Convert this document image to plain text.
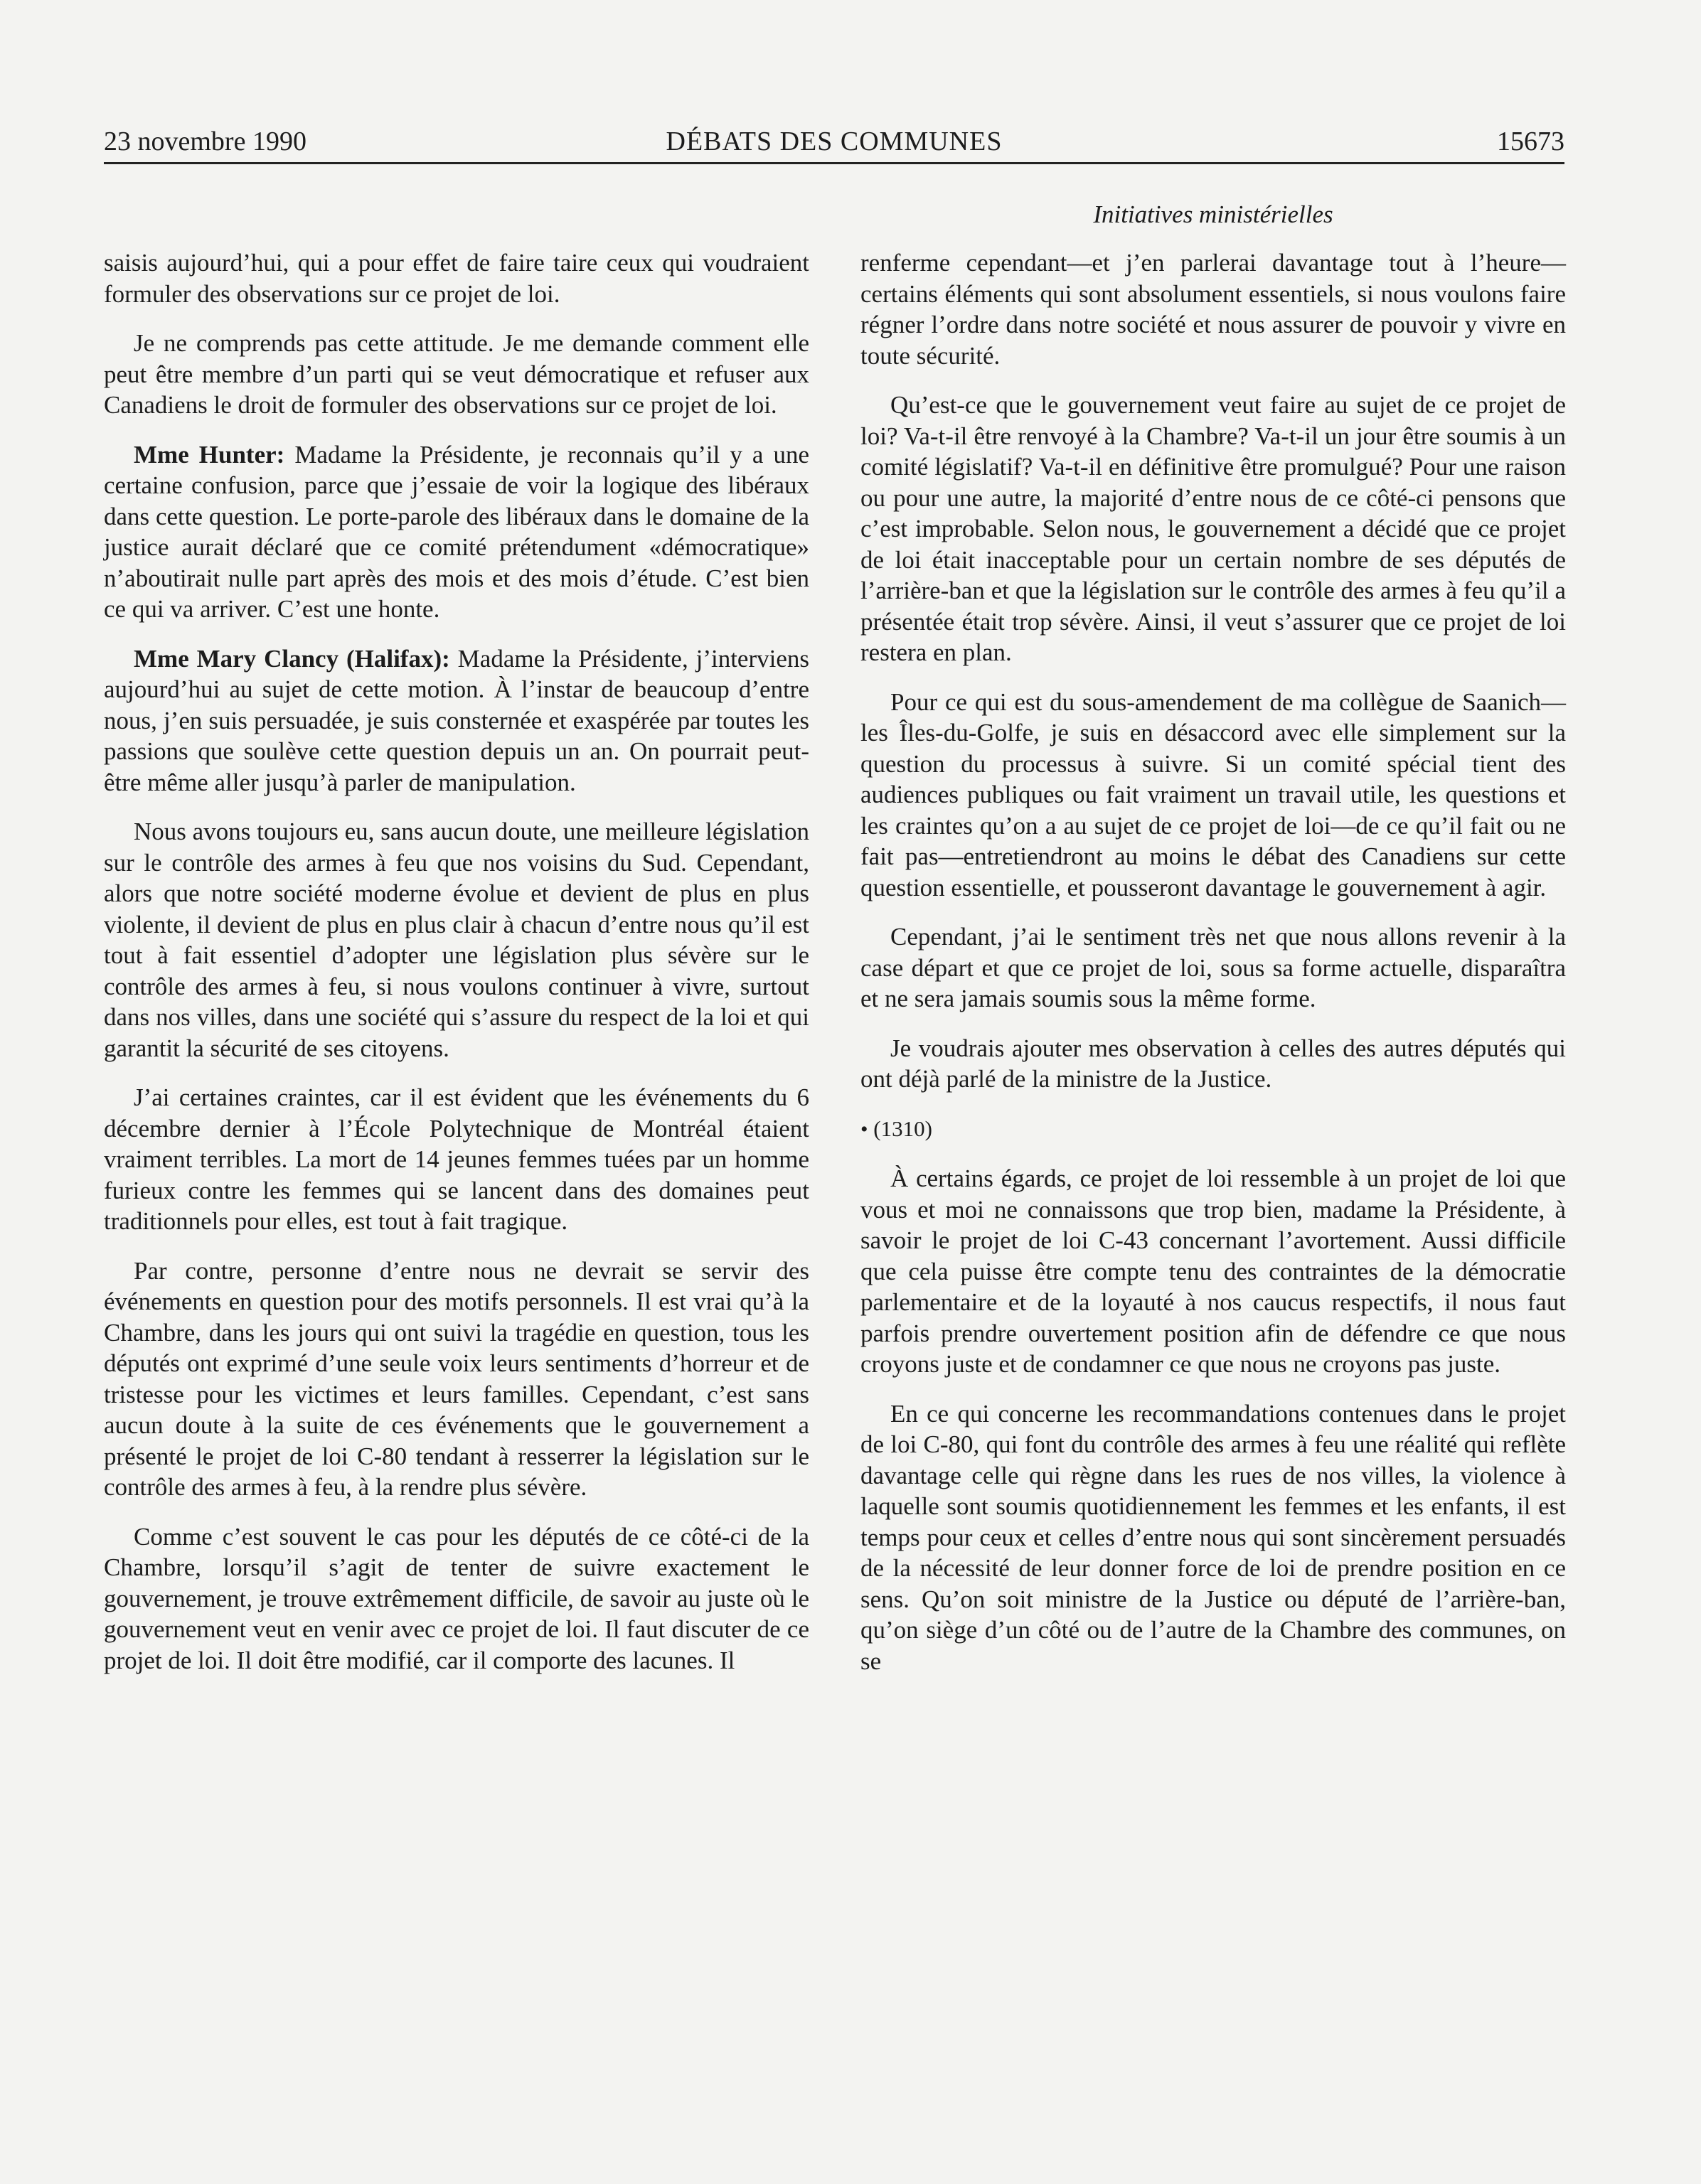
23 novembre 1990	DÉBATS DES COMMUNES	15673
Initiatives ministérielles

saisis aujourd’hui, qui a pour effet de faire taire ceux qui voudraient formuler des observations sur ce projet de loi.

Je ne comprends pas cette attitude. Je me demande comment elle peut être membre d’un parti qui se veut démocratique et refuser aux Canadiens le droit de formuler des observations sur ce projet de loi.

Mme Hunter: Madame la Présidente, je reconnais qu’il y a une certaine confusion, parce que j’essaie de voir la logique des libéraux dans cette question. Le porte-parole des libéraux dans le domaine de la justice aurait déclaré que ce comité prétendument «démocratique» n’aboutirait nulle part après des mois et des mois d’étude. C’est bien ce qui va arriver. C’est une honte.

Mme Mary Clancy (Halifax): Madame la Présidente, j’interviens aujourd’hui au sujet de cette motion. À l’instar de beaucoup d’entre nous, j’en suis persuadée, je suis consternée et exaspérée par toutes les passions que soulève cette question depuis un an. On pourrait peut-être même aller jusqu’à parler de manipulation.

Nous avons toujours eu, sans aucun doute, une meilleure législation sur le contrôle des armes à feu que nos voisins du Sud. Cependant, alors que notre société moderne évolue et devient de plus en plus violente, il devient de plus en plus clair à chacun d’entre nous qu’il est tout à fait essentiel d’adopter une législation plus sévère sur le contrôle des armes à feu, si nous voulons continuer à vivre, surtout dans nos villes, dans une société qui s’assure du respect de la loi et qui garantit la sécurité de ses citoyens.

J’ai certaines craintes, car il est évident que les événements du 6 décembre dernier à l’École Polytechnique de Montréal étaient vraiment terribles. La mort de 14 jeunes femmes tuées par un homme furieux contre les femmes qui se lancent dans des domaines peut traditionnels pour elles, est tout à fait tragique.

Par contre, personne d’entre nous ne devrait se servir des événements en question pour des motifs personnels. Il est vrai qu’à la Chambre, dans les jours qui ont suivi la tragédie en question, tous les députés ont exprimé d’une seule voix leurs sentiments d’horreur et de tristesse pour les victimes et leurs familles. Cependant, c’est sans aucun doute à la suite de ces événements que le gouvernement a présenté le projet de loi C-80 tendant à resserrer la législation sur le contrôle des armes à feu, à la rendre plus sévère.

Comme c’est souvent le cas pour les députés de ce côté-ci de la Chambre, lorsqu’il s’agit de tenter de suivre exactement le gouvernement, je trouve extrêmement difficile, de savoir au juste où le gouvernement veut en venir avec ce projet de loi. Il faut discuter de ce projet de loi. Il doit être modifié, car il comporte des lacunes. Il

renferme cependant—et j’en parlerai davantage tout à l’heure—certains éléments qui sont absolument essentiels, si nous voulons faire régner l’ordre dans notre société et nous assurer de pouvoir y vivre en toute sécurité.

Qu’est-ce que le gouvernement veut faire au sujet de ce projet de loi? Va-t-il être renvoyé à la Chambre? Va-t-il un jour être soumis à un comité législatif? Va-t-il en définitive être promulgué? Pour une raison ou pour une autre, la majorité d’entre nous de ce côté-ci pensons que c’est improbable. Selon nous, le gouvernement a décidé que ce projet de loi était inacceptable pour un certain nombre de ses députés de l’arrière-ban et que la législation sur le contrôle des armes à feu qu’il a présentée était trop sévère. Ainsi, il veut s’assurer que ce projet de loi restera en plan.

Pour ce qui est du sous-amendement de ma collègue de Saanich—les Îles-du-Golfe, je suis en désaccord avec elle simplement sur la question du processus à suivre. Si un comité spécial tient des audiences publiques ou fait vraiment un travail utile, les questions et les craintes qu’on a au sujet de ce projet de loi—de ce qu’il fait ou ne fait pas—entretiendront au moins le débat des Canadiens sur cette question essentielle, et pousseront davantage le gouvernement à agir.

Cependant, j’ai le sentiment très net que nous allons revenir à la case départ et que ce projet de loi, sous sa forme actuelle, disparaîtra et ne sera jamais soumis sous la même forme.

Je voudrais ajouter mes observation à celles des autres députés qui ont déjà parlé de la ministre de la Justice.

• (1310)

À certains égards, ce projet de loi ressemble à un projet de loi que vous et moi ne connaissons que trop bien, madame la Présidente, à savoir le projet de loi C-43 concernant l’avortement. Aussi difficile que cela puisse être compte tenu des contraintes de la démocratie parlementaire et de la loyauté à nos caucus respectifs, il nous faut parfois prendre ouvertement position afin de défendre ce que nous croyons juste et de condamner ce que nous ne croyons pas juste.

En ce qui concerne les recommandations contenues dans le projet de loi C-80, qui font du contrôle des armes à feu une réalité qui reflète davantage celle qui règne dans les rues de nos villes, la violence à laquelle sont soumis quotidiennement les femmes et les enfants, il est temps pour ceux et celles d’entre nous qui sont sincèrement persuadés de la nécessité de leur donner force de loi de prendre position en ce sens. Qu’on soit ministre de la Justice ou député de l’arrière-ban, qu’on siège d’un côté ou de l’autre de la Chambre des communes, on se
